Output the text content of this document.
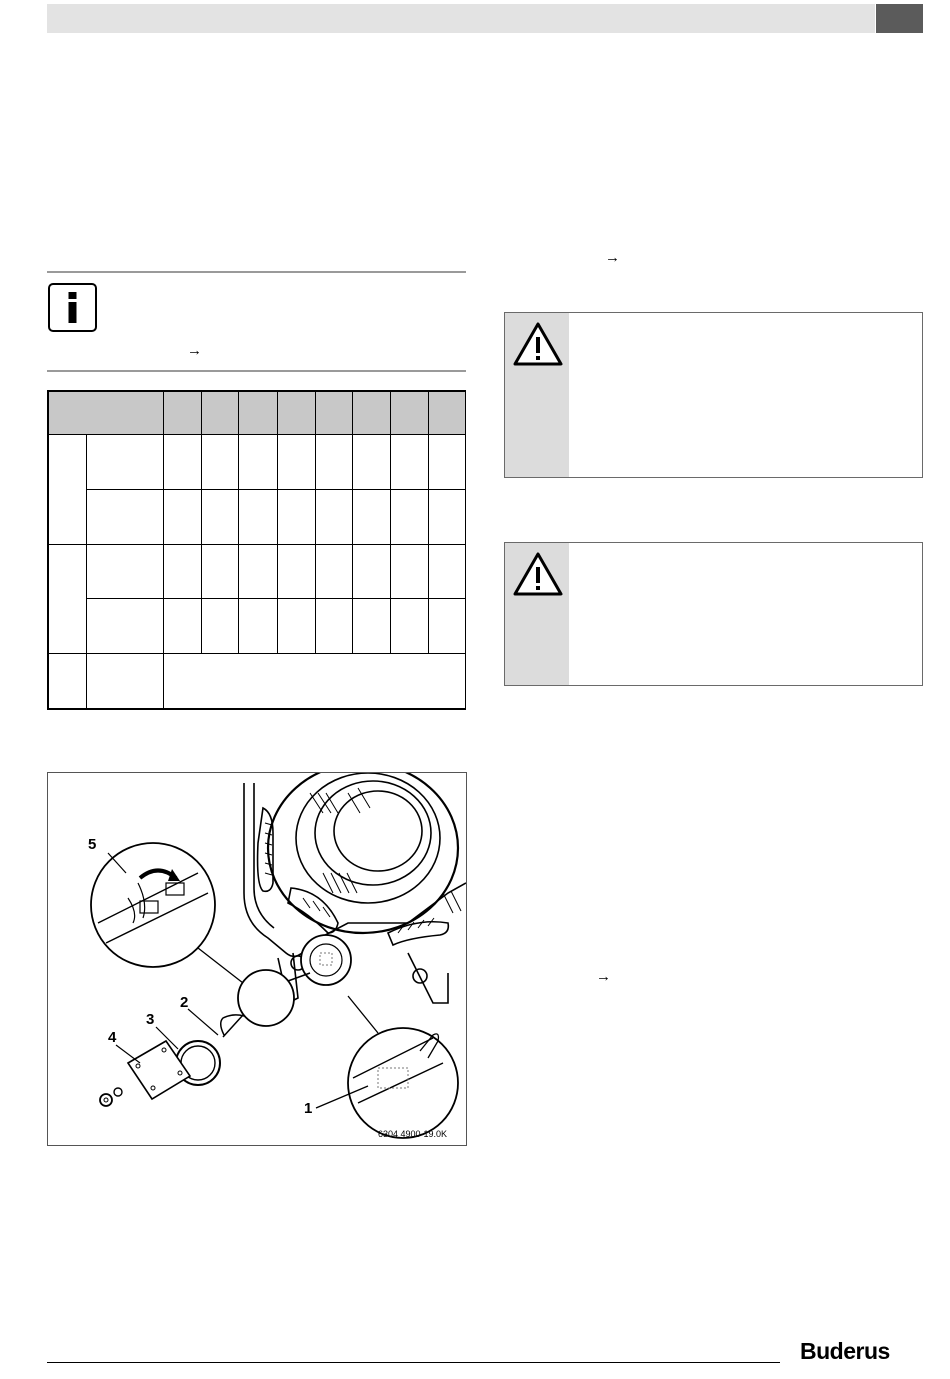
→

→
→
5
2
3
4
1
6304 4900-19.0K
Buderus
